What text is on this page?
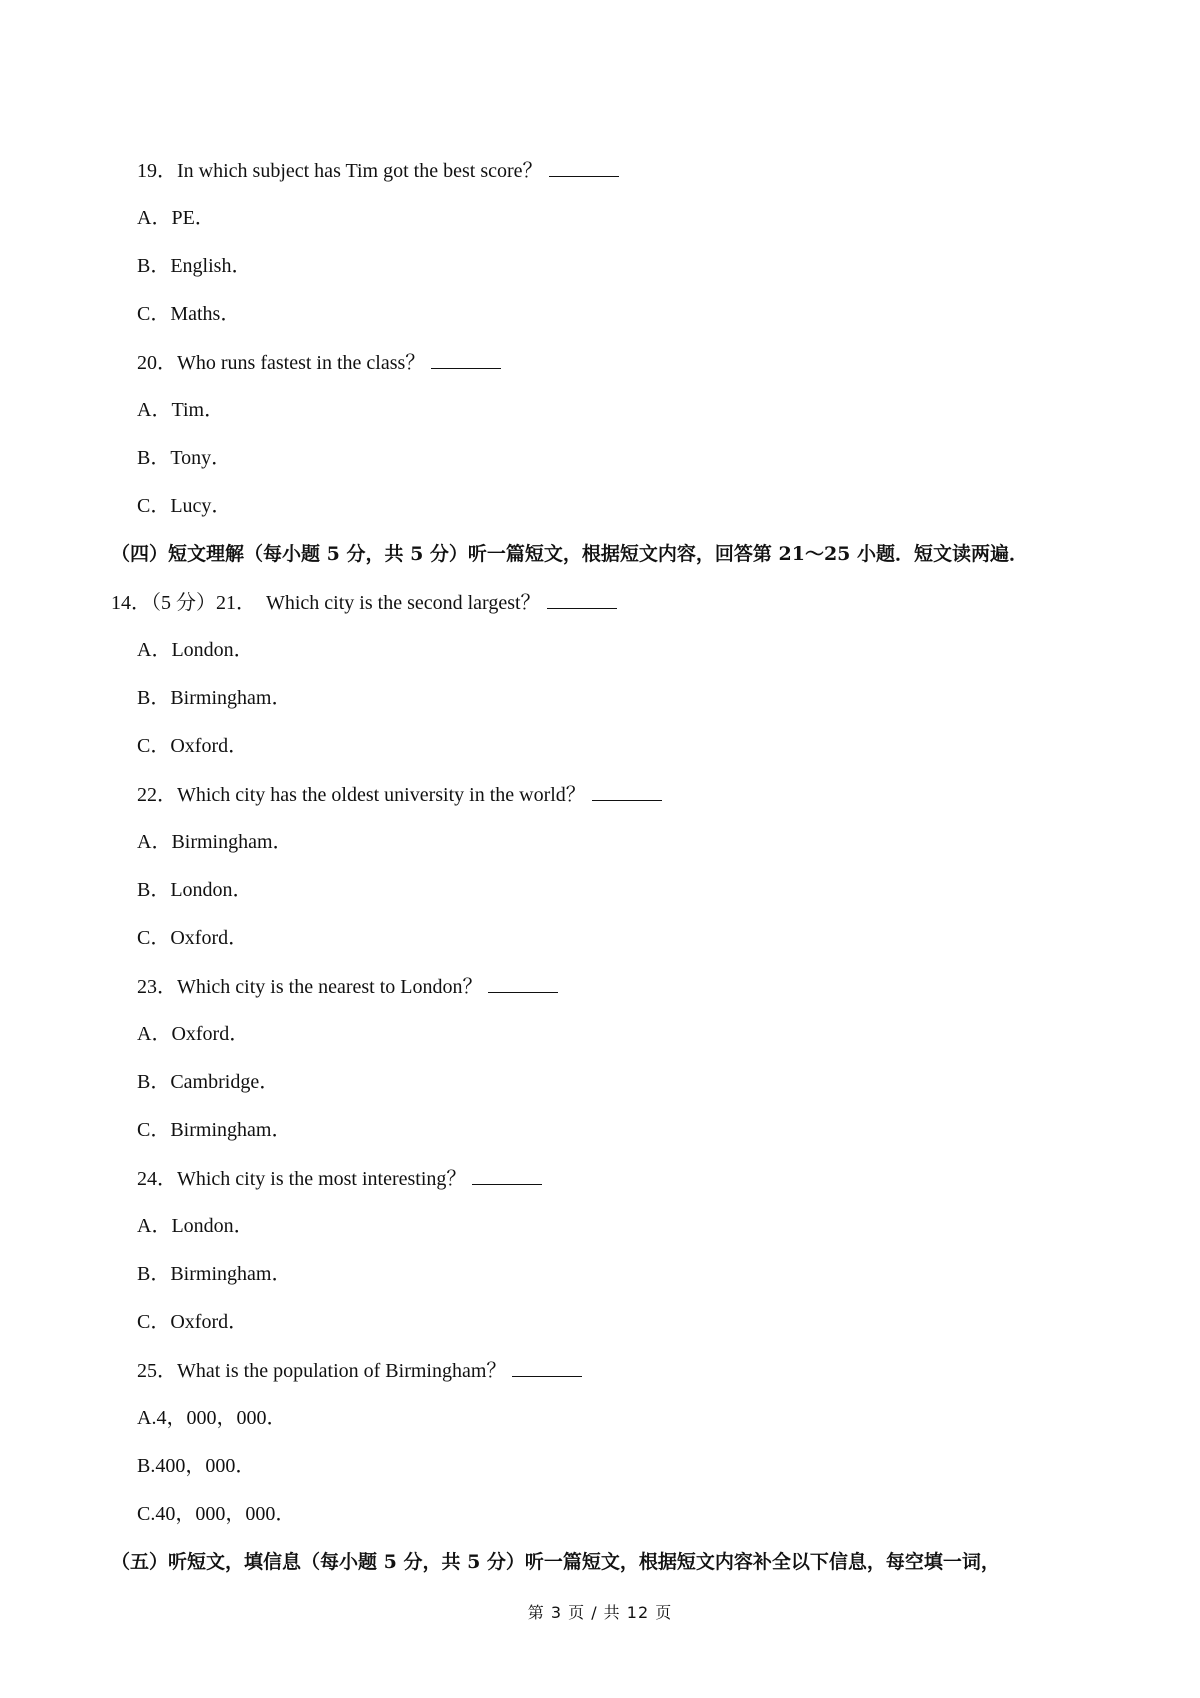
19．In which subject has Tim got the best score？
A．PE．
B．English．
C．Maths．
20．Who runs fastest in the class？
A．Tim．
B．Tony．
C．Lucy．
（四）短文理解（每小题 5 分，共 5 分）听一篇短文，根据短文内容，回答第 21～25 小题．短文读两遍．
14．（5 分）21．  Which city is the second largest？
A．London．
B．Birmingham．
C．Oxford．
22．Which city has the oldest university in the world？
A．Birmingham．
B．London．
C．Oxford．
23．Which city is the nearest to London？
A．Oxford．
B．Cambridge．
C．Birmingham．
24．Which city is the most interesting？
A．London．
B．Birmingham．
C．Oxford．
25．What is the population of Birmingham？
A.4，000，000．
B.400，000．
C.40，000，000．
（五）听短文，填信息（每小题 5 分，共 5 分）听一篇短文，根据短文内容补全以下信息，每空填一词，
第 3 页 / 共 12 页
